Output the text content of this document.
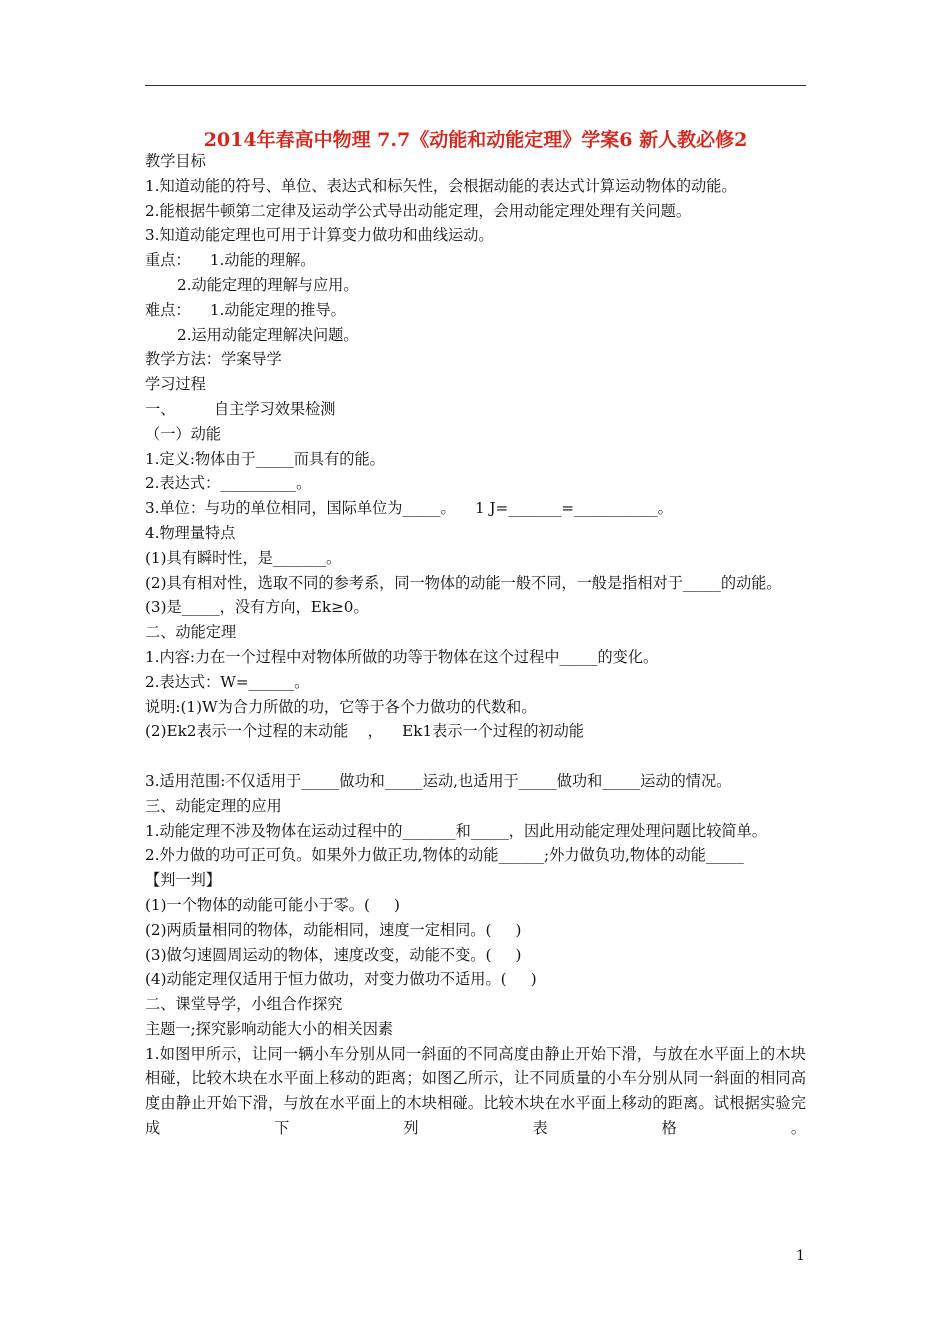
2014年春高中物理 7.7《动能和动能定理》学案6 新人教必修2
教学目标
1.知道动能的符号、单位、表达式和标矢性，会根据动能的表达式计算运动物体的动能。
2.能根据牛顿第二定律及运动学公式导出动能定理，会用动能定理处理有关问题。
3.知道动能定理也可用于计算变力做功和曲线运动。
重点：    1.动能的理解。
2.动能定理的理解与应用。
难点：    1.动能定理的推导。
2.运用动能定理解决问题。
教学方法：学案导学
学习过程
一、        自主学习效果检测
（一）动能
1.定义:物体由于_____而具有的能。
2.表达式：__________。
3.单位：与功的单位相同，国际单位为_____。    1 J=_______=___________。
4.物理量特点
(1)具有瞬时性，是_______。
(2)具有相对性，选取不同的参考系，同一物体的动能一般不同，一般是指相对于_____的动能。
(3)是_____，没有方向，Ek≥0。
二、动能定理
1.内容:力在一个过程中对物体所做的功等于物体在这个过程中_____的变化。
2.表达式：W=______。
说明:(1)W为合力所做的功，它等于各个力做功的代数和。
(2)Ek2表示一个过程的末动能    ，    Ek1表示一个过程的初动能
3.适用范围:不仅适用于_____做功和_____运动,也适用于_____做功和_____运动的情况。
三、动能定理的应用
1.动能定理不涉及物体在运动过程中的_______和_____，因此用动能定理处理问题比较简单。
2.外力做的功可正可负。如果外力做正功,物体的动能______;外力做负功,物体的动能_____
【判一判】
(1)一个物体的动能可能小于零。(     )
(2)两质量相同的物体，动能相同，速度一定相同。(     )
(3)做匀速圆周运动的物体，速度改变，动能不变。(     )
(4)动能定理仅适用于恒力做功，对变力做功不适用。(     )
二、课堂导学，小组合作探究
主题一;探究影响动能大小的相关因素
1.如图甲所示，让同一辆小车分别从同一斜面的不同高度由静止开始下滑，与放在水平面上的木块相碰，比较木块在水平面上移动的距离；如图乙所示，让不同质量的小车分别从同一斜面的相同高度由静止开始下滑，与放在水平面上的木块相碰。比较木块在水平面上移动的距离。试根据实验完成下列表格。
1
